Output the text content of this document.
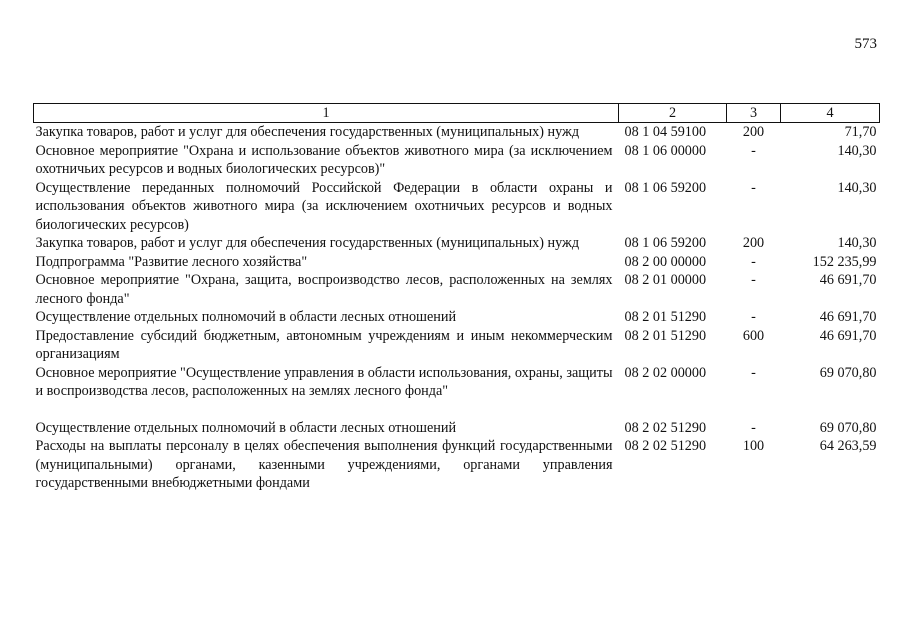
573
1	2	3	4
Закупка товаров, работ и услуг для обеспечения государственных (муниципальных) нужд	08 1 04 59100	200	71,70
Основное мероприятие "Охрана и использование объектов животного мира (за исключением охотничьих ресурсов и водных биологических ресурсов)"	08 1 06 00000	-	140,30
Осуществление переданных полномочий Российской Федерации в области охраны и использования объектов животного мира (за исключением охотничьих ресурсов и водных биологических ресурсов)	08 1 06 59200	-	140,30
Закупка товаров, работ и услуг для обеспечения государственных (муниципальных) нужд	08 1 06 59200	200	140,30
Подпрограмма "Развитие лесного хозяйства"	08 2 00 00000	-	152 235,99
Основное мероприятие "Охрана, защита, воспроизводство лесов, расположенных на землях лесного фонда"	08 2 01 00000	-	46 691,70
Осуществление отдельных полномочий в области лесных отношений	08 2 01 51290	-	46 691,70
Предоставление субсидий бюджетным, автономным учреждениям и иным некоммерческим организациям	08 2 01 51290	600	46 691,70
Основное мероприятие "Осуществление управления в области использования, охраны, защиты и воспроизводства лесов, расположенных на землях лесного фонда"	08 2 02 00000	-	69 070,80

Осуществление отдельных полномочий в области лесных отношений	08 2 02 51290	-	69 070,80
Расходы на выплаты персоналу в целях обеспечения выполнения функций государственными (муниципальными) органами, казенными учреждениями, органами управления государственными внебюджетными фондами	08 2 02 51290	100	64 263,59
